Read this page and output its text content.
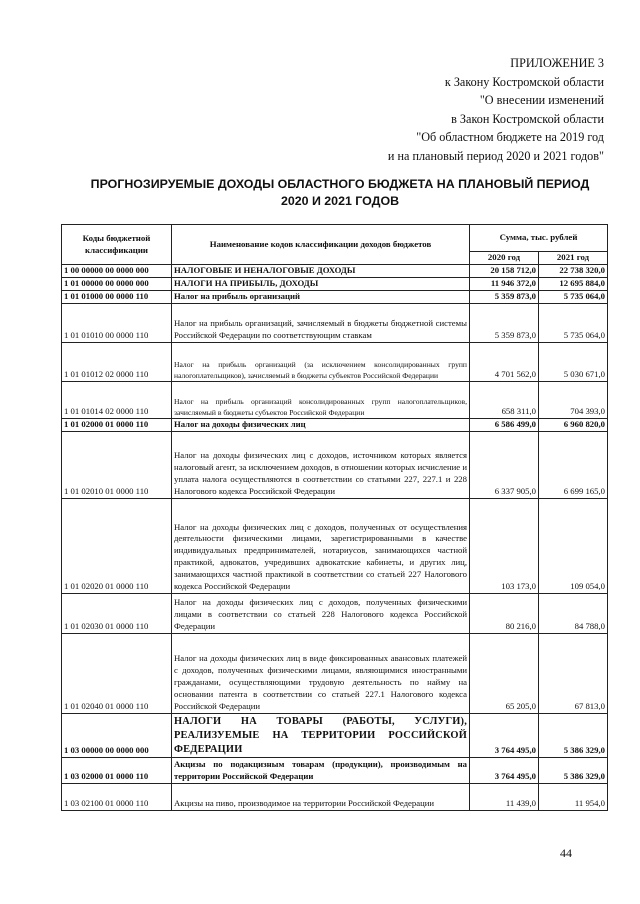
ПРИЛОЖЕНИЕ 3
к Закону Костромской области
"О внесении изменений
в Закон Костромской области
"Об областном бюджете на 2019 год
и на плановый период 2020 и 2021 годов"
ПРОГНОЗИРУЕМЫЕ ДОХОДЫ ОБЛАСТНОГО БЮДЖЕТА НА ПЛАНОВЫЙ ПЕРИОД
2020 И 2021 ГОДОВ
Коды бюджетной классификации	Наименование кодов классификации доходов бюджетов	Сумма, тыс. рублей	
		2020 год	2021 год
1 00 00000 00 0000 000	НАЛОГОВЫЕ И НЕНАЛОГОВЫЕ ДОХОДЫ	20 158 712,0	22 738 320,0
1 01 00000 00 0000 000	НАЛОГИ НА ПРИБЫЛЬ, ДОХОДЫ	11 946 372,0	12 695 884,0
1 01 01000 00 0000 110	Налог на прибыль организаций	5 359 873,0	5 735 064,0
1 01 01010 00 0000 110	Налог на прибыль организаций, зачисляемый в бюджеты бюджетной системы Российской Федерации по соответствующим ставкам	5 359 873,0	5 735 064,0
1 01 01012 02 0000 110	Налог на прибыль организаций (за исключением консолидированных групп налогоплательщиков), зачисляемый в бюджеты субъектов Российской Федерации	4 701 562,0	5 030 671,0
1 01 01014 02 0000 110	Налог на прибыль организаций консолидированных групп налогоплательщиков, зачисляемый в бюджеты субъектов Российской Федерации	658 311,0	704 393,0
1 01 02000 01 0000 110	Налог на доходы физических лиц	6 586 499,0	6 960 820,0
1 01 02010 01 0000 110	Налог на доходы физических лиц с доходов, источником которых является налоговый агент, за исключением доходов, в отношении которых исчисление и уплата налога осуществляются в соответствии со статьями 227, 227.1 и 228 Налогового кодекса Российской Федерации	6 337 905,0	6 699 165,0
1 01 02020 01 0000 110	Налог на доходы физических лиц с доходов, полученных от осуществления деятельности физическими лицами, зарегистрированными в качестве индивидуальных предпринимателей, нотариусов, занимающихся частной практикой, адвокатов, учредивших адвокатские кабинеты, и других лиц, занимающихся частной практикой в соответствии со статьей 227 Налогового кодекса Российской Федерации	103 173,0	109 054,0
1 01 02030 01 0000 110	Налог на доходы физических лиц с доходов, полученных физическими лицами в соответствии со статьей 228 Налогового кодекса Российской Федерации	80 216,0	84 788,0
1 01 02040 01 0000 110	Налог на доходы физических лиц в виде фиксированных авансовых платежей с доходов, полученных физическими лицами, являющимися иностранными гражданами, осуществляющими трудовую деятельность по найму на основании патента в соответствии со статьей 227.1 Налогового кодекса Российской Федерации	65 205,0	67 813,0
1 03 00000 00 0000 000	НАЛОГИ НА ТОВАРЫ (РАБОТЫ, УСЛУГИ), РЕАЛИЗУЕМЫЕ НА ТЕРРИТОРИИ РОССИЙСКОЙ ФЕДЕРАЦИИ	3 764 495,0	5 386 329,0
1 03 02000 01 0000 110	Акцизы по подакцизным товарам (продукции), производимым на территории Российской Федерации	3 764 495,0	5 386 329,0
1 03 02100 01 0000 110	Акцизы на пиво, производимое на территории Российской Федерации	11 439,0	11 954,0
44
